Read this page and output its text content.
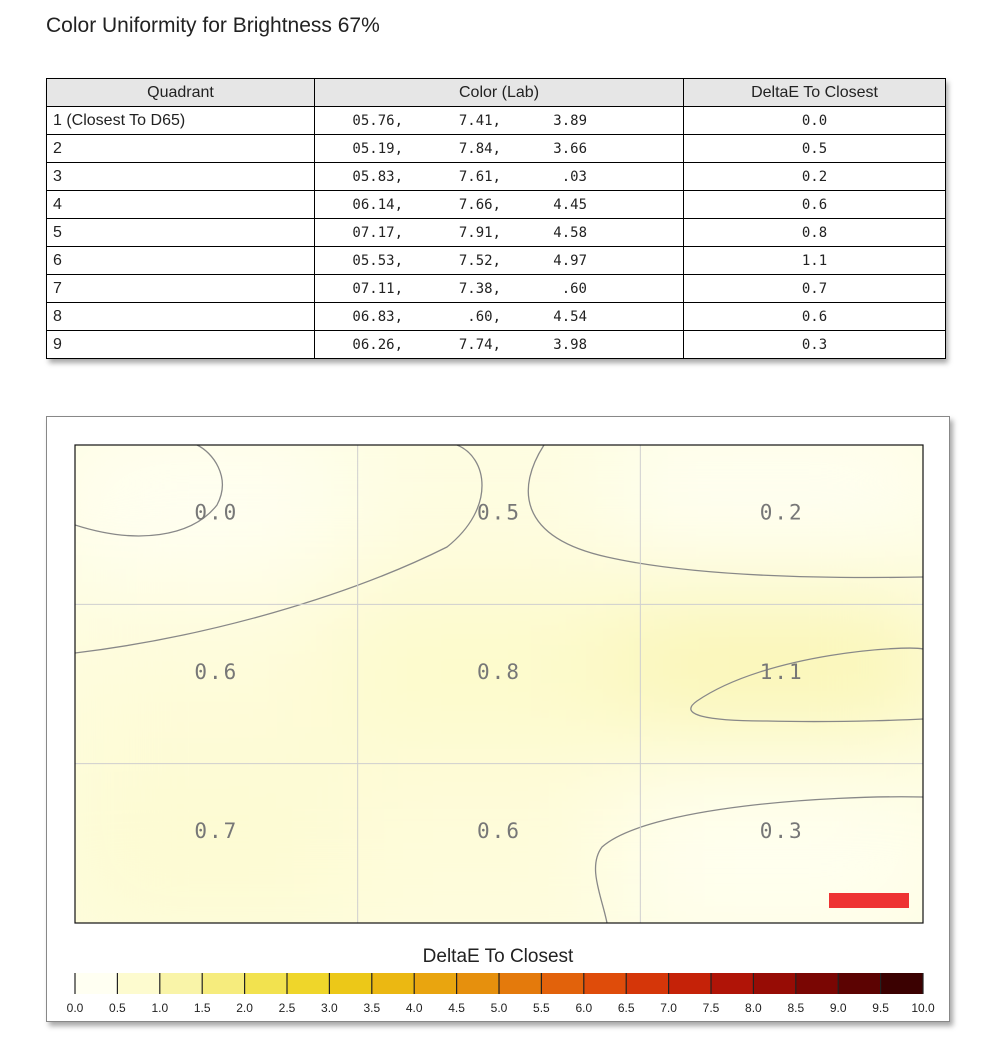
Color Uniformity for Brightness 67%
Quadrant	Color (Lab)	DeltaE To Closest
1 (Closest To D65)	05.76, 7.41, 3.89	0.0
2	05.19, 7.84, 3.66	0.5
3	05.83, 7.61, .03	0.2
4	06.14, 7.66, 4.45	0.6
5	07.17, 7.91, 4.58	0.8
6	05.53, 7.52, 4.97	1.1
7	07.11, 7.38, .60	0.7
8	06.83, .60, 4.54	0.6
9	06.26, 7.74, 3.98	0.3
0.0	0.5	0.2
0.6	0.8	1.1
0.7	0.6	0.3
DeltaE To Closest
0.0 0.5 1.0 1.5 2.0 2.5 3.0 3.5 4.0 4.5 5.0 5.5 6.0 6.5 7.0 7.5 8.0 8.5 9.0 9.5 10.0
